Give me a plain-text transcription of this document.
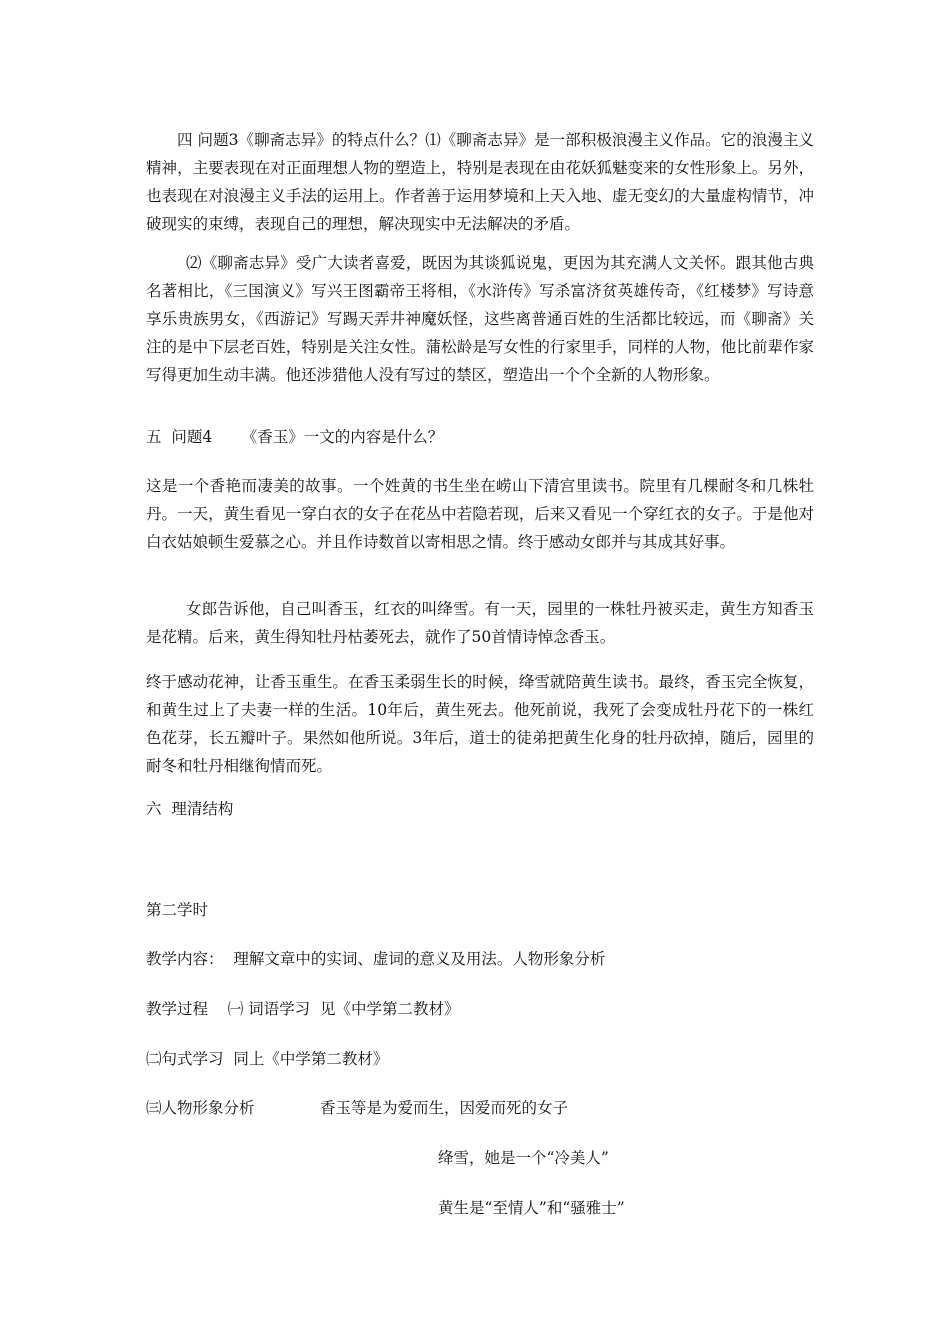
四 问题3《聊斋志异》的特点什么？⑴《聊斋志异》是一部积极浪漫主义作品。它的浪漫主义精神，主要表现在对正面理想人物的塑造上，特别是表现在由花妖狐魅变来的女性形象上。另外，也表现在对浪漫主义手法的运用上。作者善于运用梦境和上天入地、虚无变幻的大量虚构情节，冲破现实的束缚，表现自己的理想，解决现实中无法解决的矛盾。

⑵《聊斋志异》受广大读者喜爱，既因为其谈狐说鬼，更因为其充满人文关怀。跟其他古典名著相比，《三国演义》写兴王图霸帝王将相，《水浒传》写杀富济贫英雄传奇，《红楼梦》写诗意享乐贵族男女，《西游记》写踢天弄井神魔妖怪，这些离普通百姓的生活都比较远，而《聊斋》关注的是中下层老百姓，特别是关注女性。蒲松龄是写女性的行家里手，同样的人物，他比前辈作家写得更加生动丰满。他还涉猎他人没有写过的禁区，塑造出一个个全新的人物形象。

五  问题4      《香玉》一文的内容是什么？

这是一个香艳而凄美的故事。一个姓黄的书生坐在崂山下清宫里读书。院里有几棵耐冬和几株牡丹。一天，黄生看见一穿白衣的女子在花丛中若隐若现，后来又看见一个穿红衣的女子。于是他对白衣姑娘顿生爱慕之心。并且作诗数首以寄相思之情。终于感动女郎并与其成其好事。

女郎告诉他，自己叫香玉，红衣的叫绛雪。有一天，园里的一株牡丹被买走，黄生方知香玉是花精。后来，黄生得知牡丹枯萎死去，就作了50首情诗悼念香玉。

终于感动花神，让香玉重生。在香玉柔弱生长的时候，绛雪就陪黄生读书。最终，香玉完全恢复，和黄生过上了夫妻一样的生活。10年后，黄生死去。他死前说，我死了会变成牡丹花下的一株红色花芽，长五瓣叶子。果然如他所说。3年后，道士的徒弟把黄生化身的牡丹砍掉，随后，园里的耐冬和牡丹相继徇情而死。

六  理清结构

第二学时

教学内容：  理解文章中的实词、虚词的意义及用法。人物形象分析

教学过程    ㈠ 词语学习  见《中学第二教材》

㈡句式学习  同上《中学第二教材》

㈢人物形象分析	香玉等是为爱而生，因爱而死的女子

绛雪，她是一个“冷美人”

黄生是“至情人”和“骚雅士”
